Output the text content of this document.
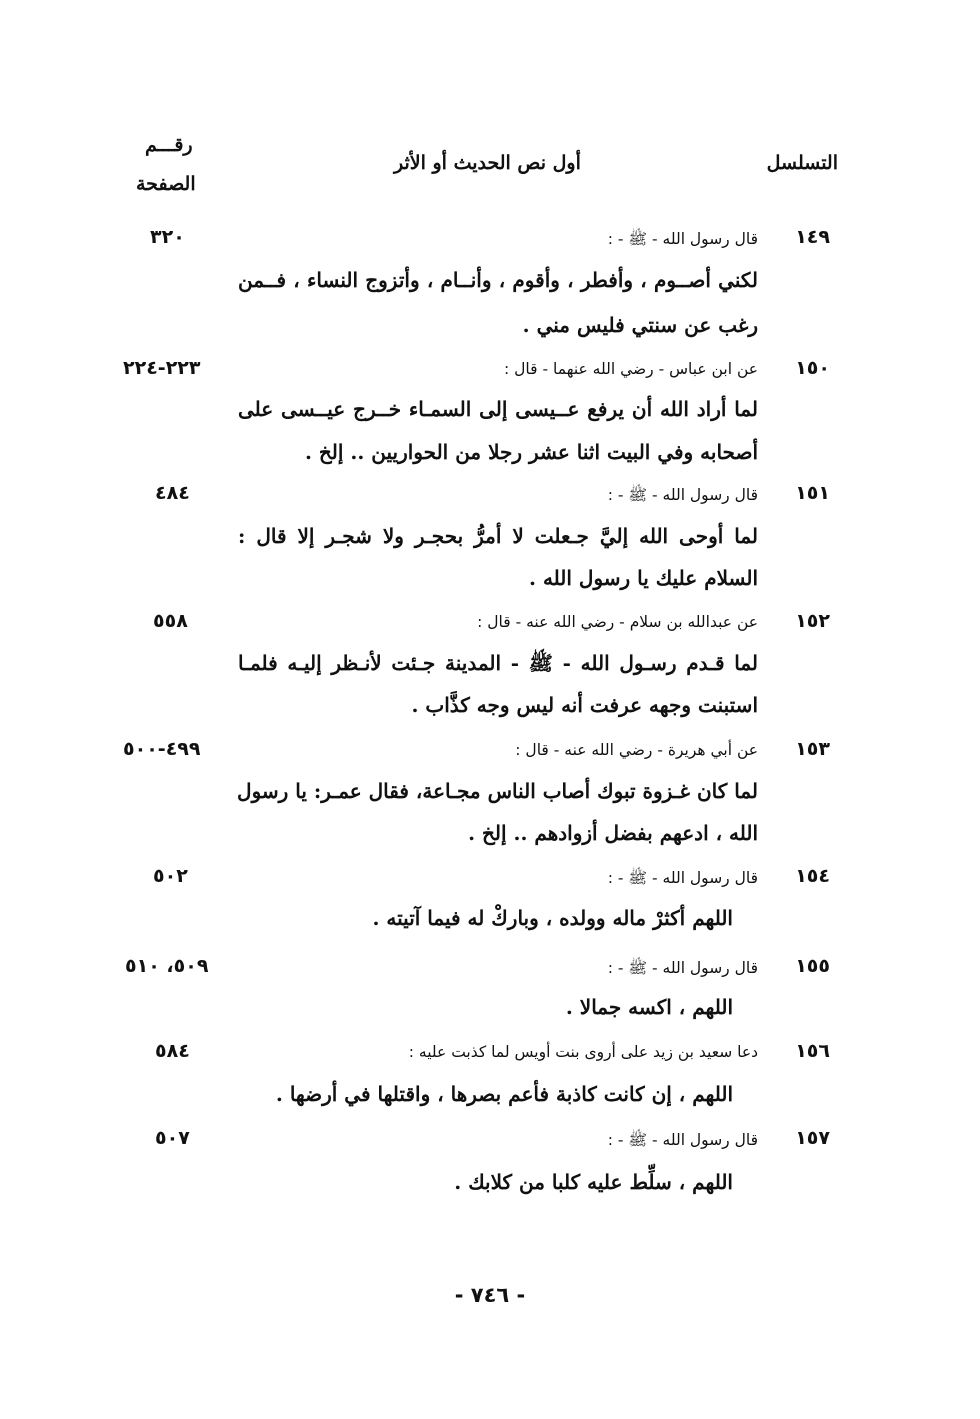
التسلسل
أول نص الحديث أو الأثر
رقـــم
الصفحة
١٤٩
قال رسول الله - ﷺ - :
٣٢٠
لكني أصــوم ، وأفطر ، وأقوم ، وأنــام ، وأتزوج النساء ، فــمن
رغب عن سنتي فليس مني .
١٥٠
عن ابن عباس - رضي الله عنهما - قال :
٢٢٣-٢٢٤
لما أراد الله أن يرفع عــيسى إلى السمـاء خــرج عيــسى على
أصحابه وفي البيت اثنا عشر رجلا من الحواريين .. إلخ .
١٥١
قال رسول الله - ﷺ - :
٤٨٤
لما أوحى الله إليَّ جـعلت لا أمرُّ بحجـر ولا شجـر إلا قال :
السلام عليك يا رسول الله .
١٥٢
عن عبدالله بن سلام - رضي الله عنه - قال :
٥٥٨
لما قـدم رسـول الله - ﷺ - المدينة جـئت لأنـظر إليـه فلمـا
استبنت وجهه عرفت أنه ليس وجه كذَّاب .
١٥٣
عن أبي هريرة - رضي الله عنه - قال :
٤٩٩-٥٠٠
لما كان غـزوة تبوك أصاب الناس مجـاعة، فقال عمـر: يا رسول
الله ، ادعهم بفضل أزوادهم .. إلخ .
١٥٤
قال رسول الله - ﷺ - :
٥٠٢
اللهم أكثرْ ماله وولده ، وباركْ له فيما آتيته .
١٥٥
قال رسول الله - ﷺ - :
٥٠٩، ٥١٠
اللهم ، اكسه جمالا .
١٥٦
دعا سعيد بن زيد على أروى بنت أويس لما كذبت عليه :
٥٨٤
اللهم ، إن كانت كاذبة فأعم بصرها ، واقتلها في أرضها .
١٥٧
قال رسول الله - ﷺ - :
٥٠٧
اللهم ، سلِّط عليه كلبا من كلابك .
- ٧٤٦ -
